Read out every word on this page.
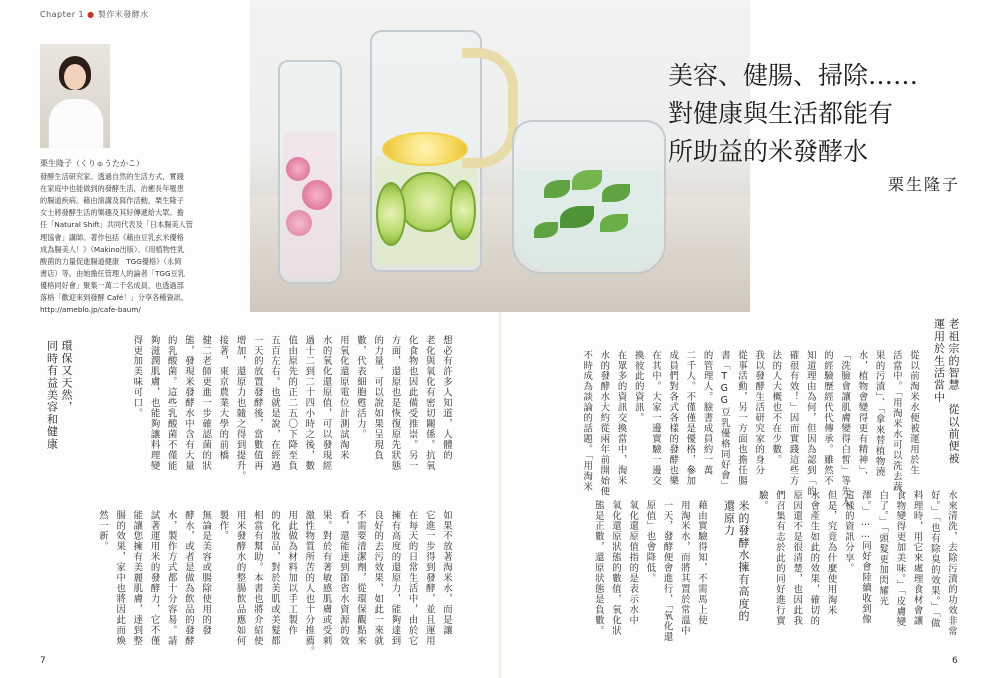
Chapter 1 ● 製作米發酵水
美容、健腸、掃除……
對健康與生活都能有
所助益的米發酵水
栗生隆子

栗生隆子（くりゅうたかこ）

發酵生活研究家。透過自然的生活方式，實踐

在家庭中也能做到的發酵生活，治癒長年罹患

的腸道疾病。藉由演講及寫作活動，栗生隆子

女士將發酵生活的樂趣及其好傳遞給大眾。擔

任「Natural Shift」共同代表及「日本腸美人管

理協會」講師。著作包括《藉由豆乳玄米優格

成為腸美人！》（Makino出版）、《用植物性乳

酸菌的力量促進腸道健康　TGG優格》（永岡

書店）等。由她擔任管理人的論者「TGG豆乳

優格同好會」聚集一萬二千名成員，也透過部

落格「歡迎來到發酵 Café！」分享各種資訊。

http://ameblo.jp/cafe-baum/

老祖宗的智慧　從以前便被
運用於生活當中
從以前淘米水便被運用於生
活當中。「用淘米水可以洗去蔬
果的污漬」、「拿來替植物澆
水，植物會變得更有精神」、
「洗臉會讓肌膚變得白皙」等先人
的經驗歷經代代傳承。雖然不
知道理由為何，但因為認到「的
確很有效！」因而實踐這些方
法的人大概也不在少數。
我以發酵生活研究家的身分
從事活動，另一方面也擔任腸
書「TGG豆乳優格同好會」
的管理人。臉書成員約一萬
二千人。不僅僅是優格，參加
成員們對各式各樣的發酵也樂
在其中。大家一邊實驗一邊交
換彼此的資訊。
在眾多的資訊交換當中，淘米
水的發酵水大約從兩年前開始便
不時成為談論的話題。「用淘米
水來清洗，去除污漬的功效非常
好。」「也有除臭的效果。」「做
料理時，用它來處理食材會讓
食物變得更加美味。」「皮膚變
白了。」「頭髮更加閃耀光
澤。」……同好會陸續收到像
這樣的資訊分享。
但是，究竟為什麼使用淘米
水會產生如此的效果，確切的
原因還不是很清楚，也因此我
們召集有志於此的同好進行實
驗。
米的發酵水擁有高度的
還原力
藉由實驗得知，不需馬上使
用淘米水，而將其置於常溫中
一天，發酵便會進行，「氧化還
原值」也會降低。
氧化還原值指的是表示水中
氧化還原狀態的數值，氧化狀
態是正數，還原狀態是負數。
想必有許多人知道，人體的
老化與氧化有密切關係。抗氧
化食物也因此備受推崇。另一
方面，還原也是恢復原先狀態
的力量，可以說如果呈現負
數，代表細胞甦活力。
用氧化還原電位計測試淘米
水的氧化還原值，可以發現經
過十二到二十四小時之後，數
值由原先的正二五〇下降至負
五百左右。也就是說，在經過
一天的放置發酵後，當數值再
增加，還原力也隨之得到提升。
接著，東京農業大學的前橋
健二老師更進一步確認菌的狀
態，發現米發酵水中含有大量
的乳酸菌。這些乳酸菌不僅能
夠滋潤肌膚，也能夠讓料理變
得更加美味可口。
環保又天然，
同時有益美容和健康
如果不放著淘米水，而是讓
它進一步得到發酵，並且運用
在每天的日常生活中，由於它
擁有高度的還原力，能夠達到
良好的去污效果，如此一來就
不需要清潔劑，從環保觀點來
看，還能達到節省水資源的效
果。對於有著敏感肌膚或受刺
激性物質所苦的人也十分推薦。
用此做為材料加以手工製作
的化妝品，對於美肌或美髮都
相當有幫助。本書也將介紹使
用米發酵水的整腸飲品應如何
製作。
無論是美容或腸除使用的發
酵水，或者是做為飲品的發酵
水，製作方式都十分容易。請
試著運用米的發酵力，它不僅
能讓您擁有美麗肌膚，達到整
腸的效果，家中也將因此而煥
然一新。
7	6
